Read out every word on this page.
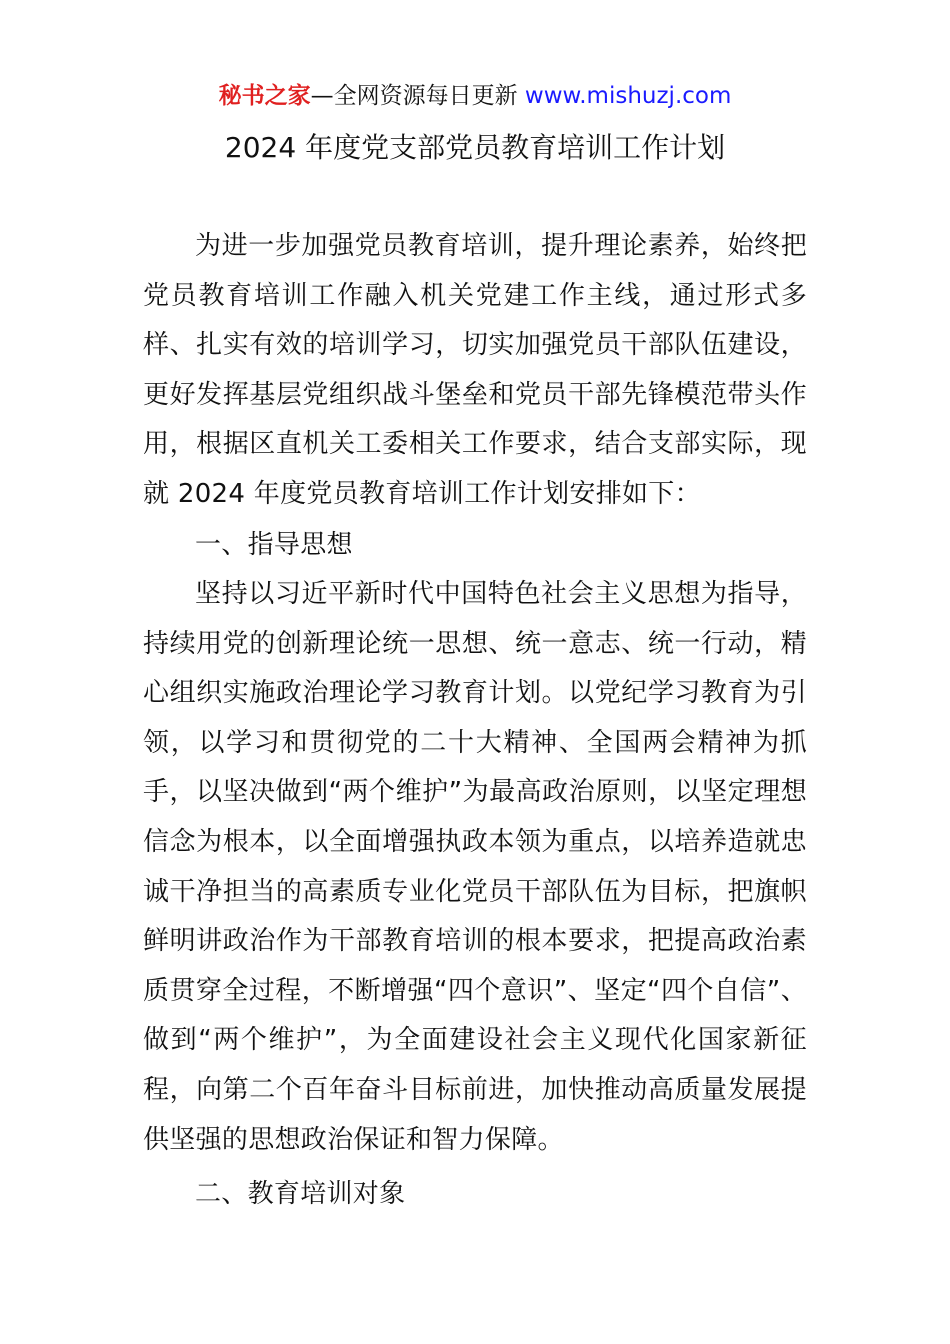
秘书之家—全网资源每日更新 www.mishuzj.com
2024 年度党支部党员教育培训工作计划

为进一步加强党员教育培训，提升理论素养，始终把党员教育培训工作融入机关党建工作主线，通过形式多样、扎实有效的培训学习，切实加强党员干部队伍建设，更好发挥基层党组织战斗堡垒和党员干部先锋模范带头作用，根据区直机关工委相关工作要求，结合支部实际，现就 2024 年度党员教育培训工作计划安排如下：

一、指导思想

坚持以习近平新时代中国特色社会主义思想为指导，持续用党的创新理论统一思想、统一意志、统一行动，精心组织实施政治理论学习教育计划。以党纪学习教育为引领，以学习和贯彻党的二十大精神、全国两会精神为抓手，以坚决做到“两个维护”为最高政治原则，以坚定理想信念为根本，以全面增强执政本领为重点，以培养造就忠诚干净担当的高素质专业化党员干部队伍为目标，把旗帜鲜明讲政治作为干部教育培训的根本要求，把提高政治素质贯穿全过程，不断增强“四个意识”、坚定“四个自信”、做到“两个维护”，为全面建设社会主义现代化国家新征程，向第二个百年奋斗目标前进，加快推动高质量发展提供坚强的思想政治保证和智力保障。

二、教育培训对象
